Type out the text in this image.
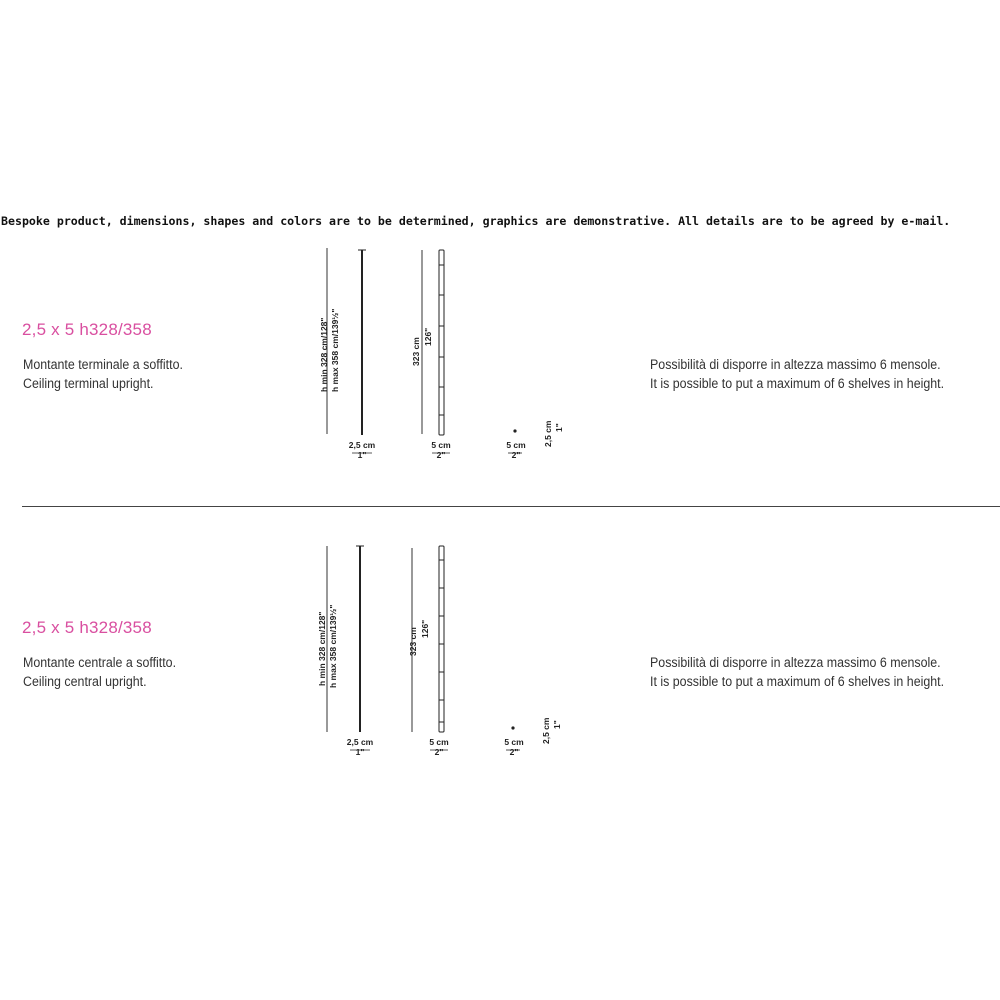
Bespoke product, dimensions, shapes and colors are to be determined, graphics are demonstrative. All details are to be agreed by e-mail.
2,5 x 5 h328/358
Montante terminale a soffitto.
Ceiling terminal upright.	h min 328 cm/128" h max 358 cm/139½"	323 cm
126"
2,5 cm
1"
5 cm
2"
5 cm
2"
2,5 cm 1"
Possibilità di disporre in altezza massimo 6 mensole.
It is possible to put a maximum of 6 shelves in height.
2,5 x 5 h328/358
Montante centrale a soffitto.
Ceiling central upright.	h min 328 cm/128" h max 358 cm/139½"	323 cm 126"
2,5 cm
1"
5 cm
2"
5 cm
2"
2,5 cm 1"
Possibilità di disporre in altezza massimo 6 mensole.
It is possible to put a maximum of 6 shelves in height.
